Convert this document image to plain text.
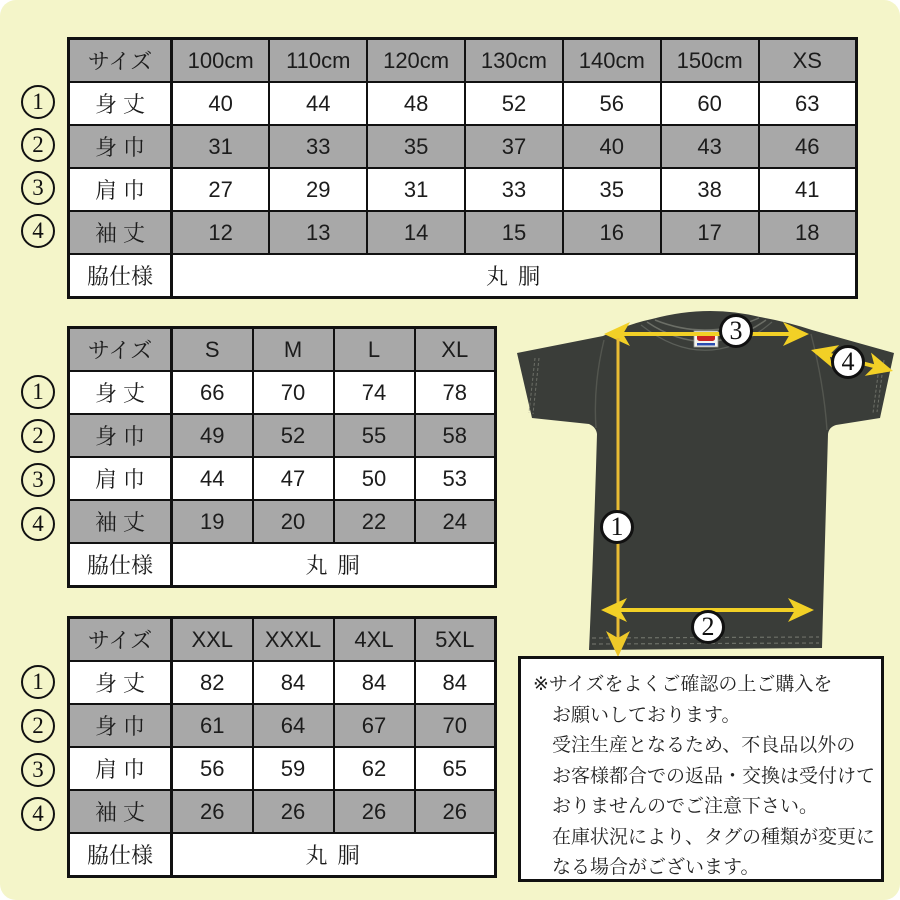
1
2
3
4
1
2
3
4
サイズ	100cm	110cm	120cm	130cm	140cm	150cm	XS
身 丈	40	44	48	52	56	60	63
身 巾	31	33	35	37	40	43	46
肩 巾	27	29	31	33	35	38	41
袖 丈	12	13	14	15	16	17	18
脇仕様	丸 胴						
1
2
3
4
サイズ	S	M	L	XL
身 丈	66	70	74	78
身 巾	49	52	55	58
肩 巾	44	47	50	53
袖 丈	19	20	22	24
脇仕様	丸 胴			
1
2
3
4
サイズ	XXL	XXXL	4XL	5XL
身 丈	82	84	84	84
身 巾	61	64	67	70
肩 巾	56	59	62	65
袖 丈	26	26	26	26
脇仕様	丸 胴			
※サイズをよくご確認の上ご購入を
お願いしております。
受注生産となるため、不良品以外の
お客様都合での返品・交換は受付けて
おりませんのでご注意下さい。
在庫状況により、タグの種類が変更に
なる場合がございます。
